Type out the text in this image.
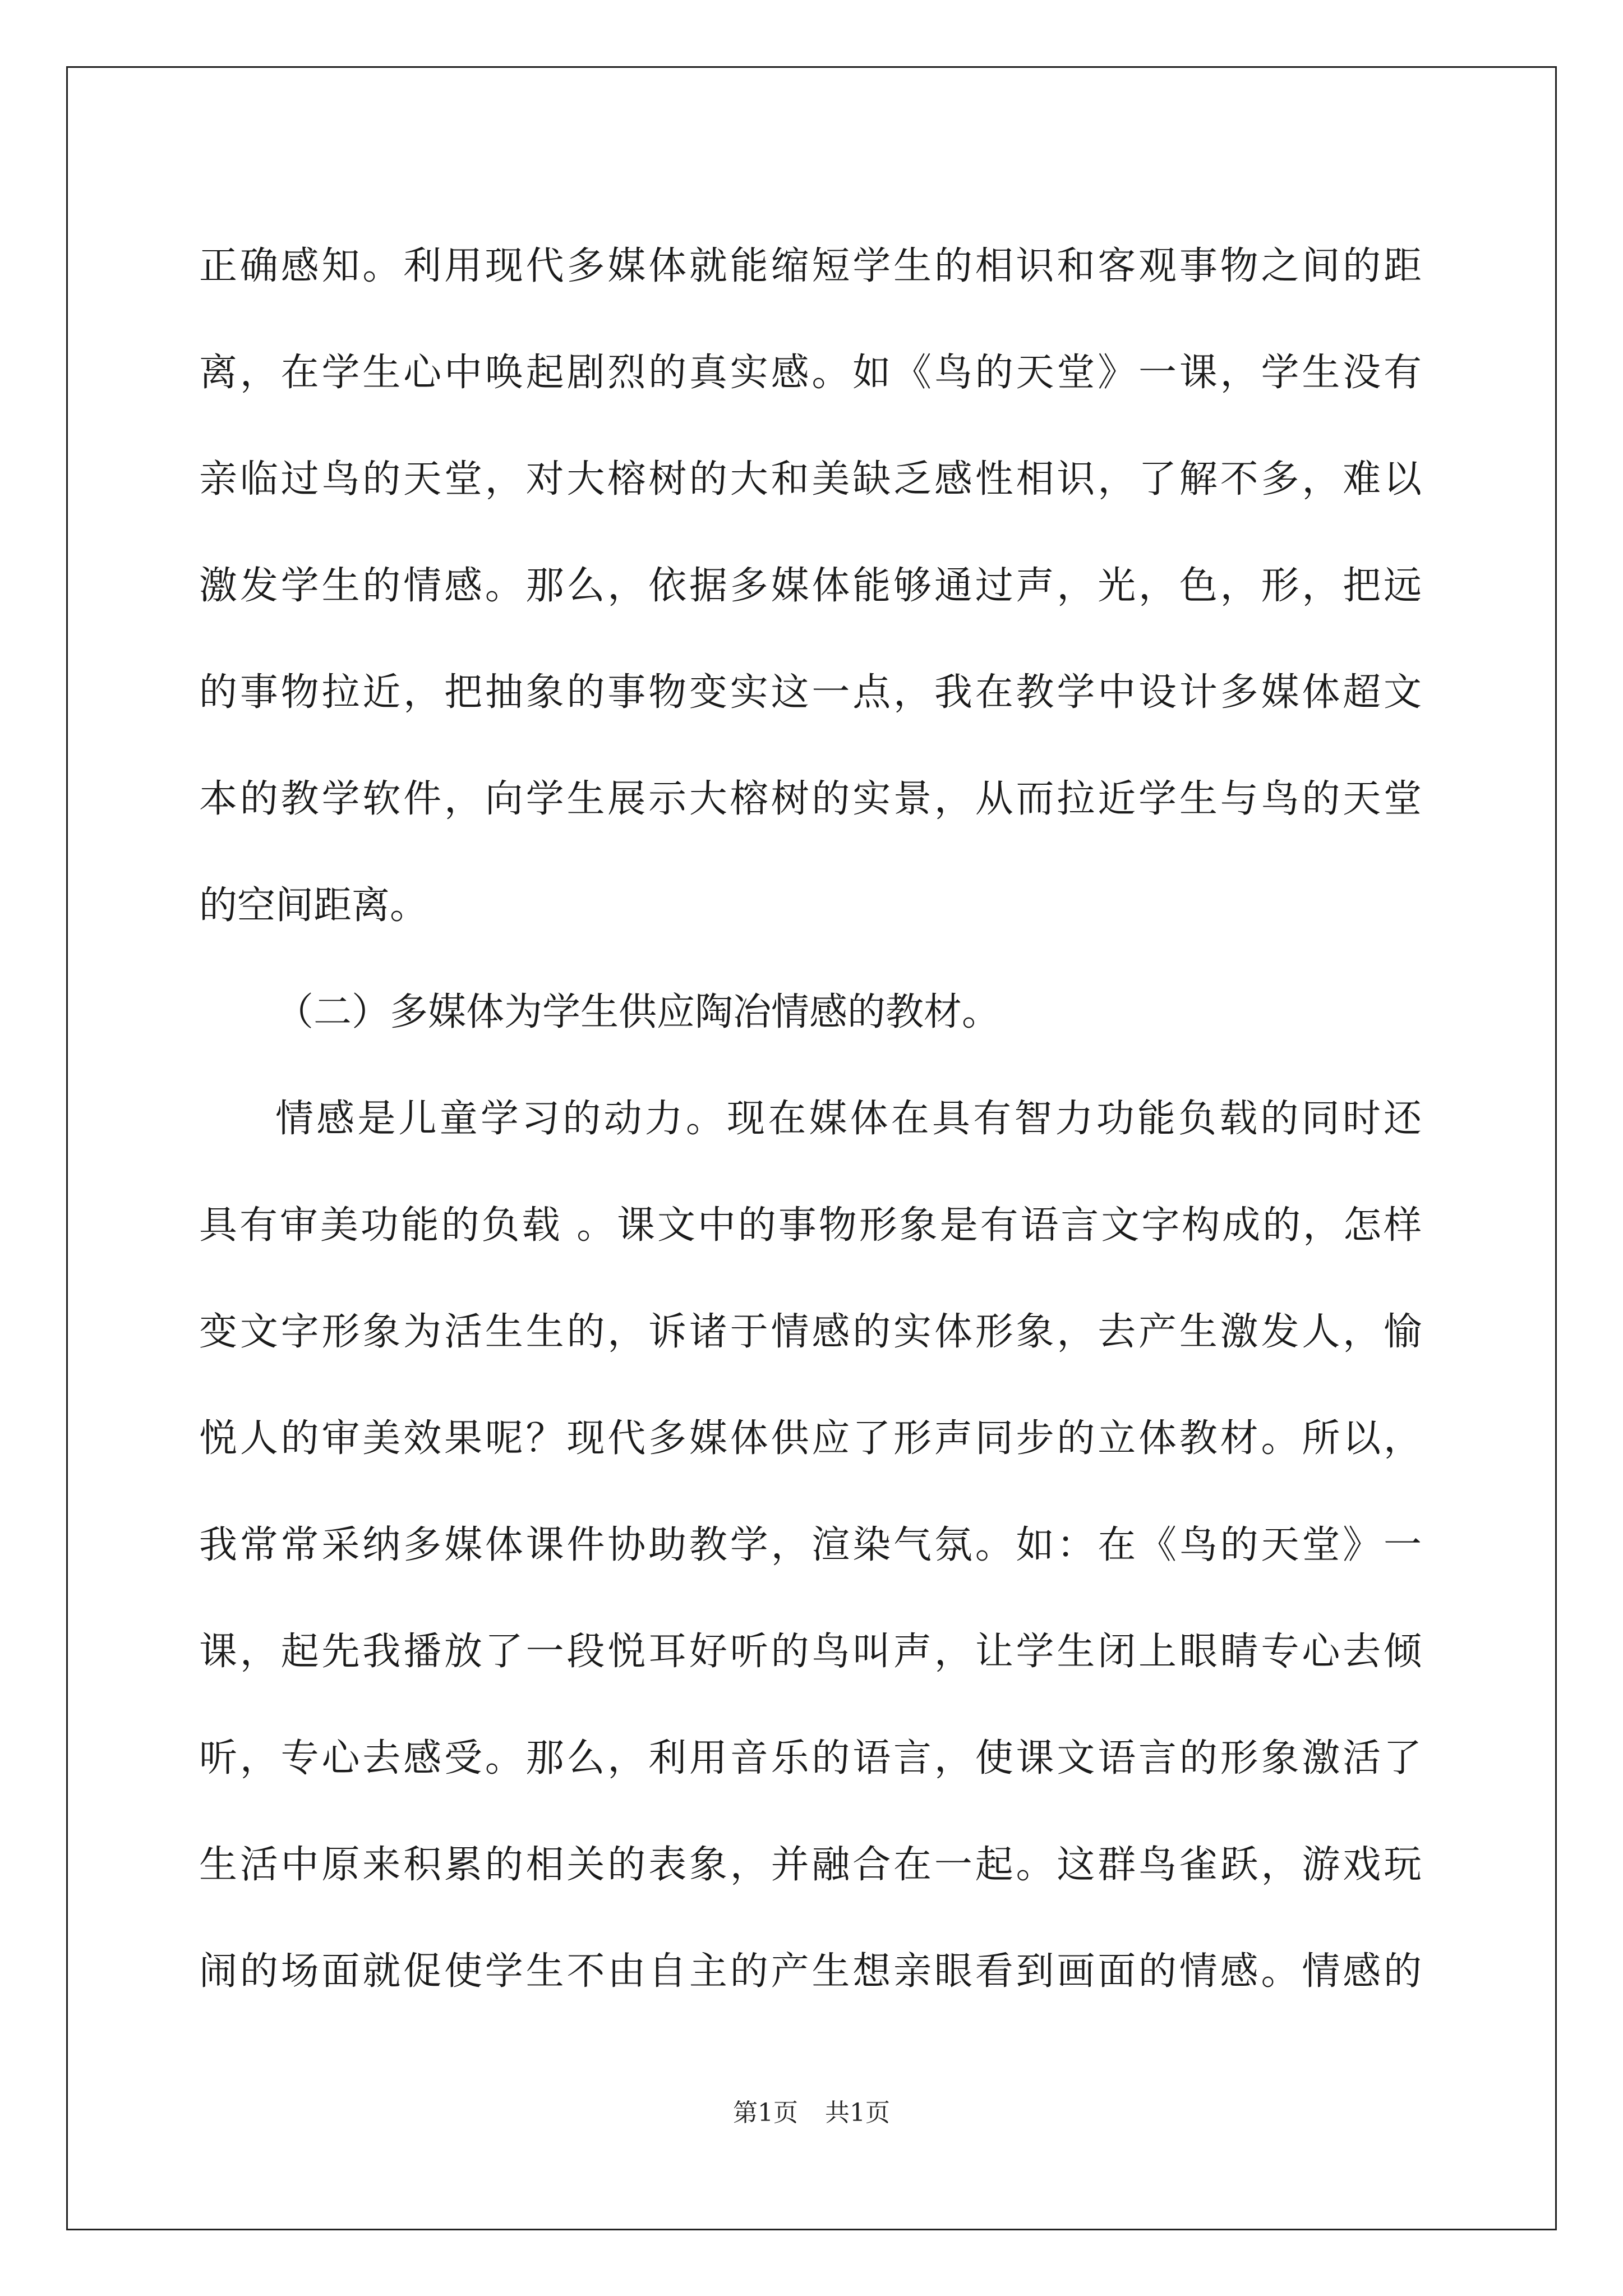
正确感知。利用现代多媒体就能缩短学生的相识和客观事物之间的距
离，在学生心中唤起剧烈的真实感。如《鸟的天堂》一课，学生没有
亲临过鸟的天堂，对大榕树的大和美缺乏感性相识，了解不多，难以
激发学生的情感。那么，依据多媒体能够通过声，光，色，形，把远
的事物拉近，把抽象的事物变实这一点，我在教学中设计多媒体超文
本的教学软件，向学生展示大榕树的实景，从而拉近学生与鸟的天堂
的空间距离。
（二）多媒体为学生供应陶冶情感的教材。
情感是儿童学习的动力。现在媒体在具有智力功能负载的同时还
具有审美功能的负载 。课文中的事物形象是有语言文字构成的，怎样
变文字形象为活生生的，诉诸于情感的实体形象，去产生激发人，愉
悦人的审美效果呢？现代多媒体供应了形声同步的立体教材。所以，
我常常采纳多媒体课件协助教学，渲染气氛。如：在《鸟的天堂》一
课，起先我播放了一段悦耳好听的鸟叫声，让学生闭上眼睛专心去倾
听，专心去感受。那么，利用音乐的语言，使课文语言的形象激活了
生活中原来积累的相关的表象，并融合在一起。这群鸟雀跃，游戏玩
闹的场面就促使学生不由自主的产生想亲眼看到画面的情感。情感的
第1页 共1页
